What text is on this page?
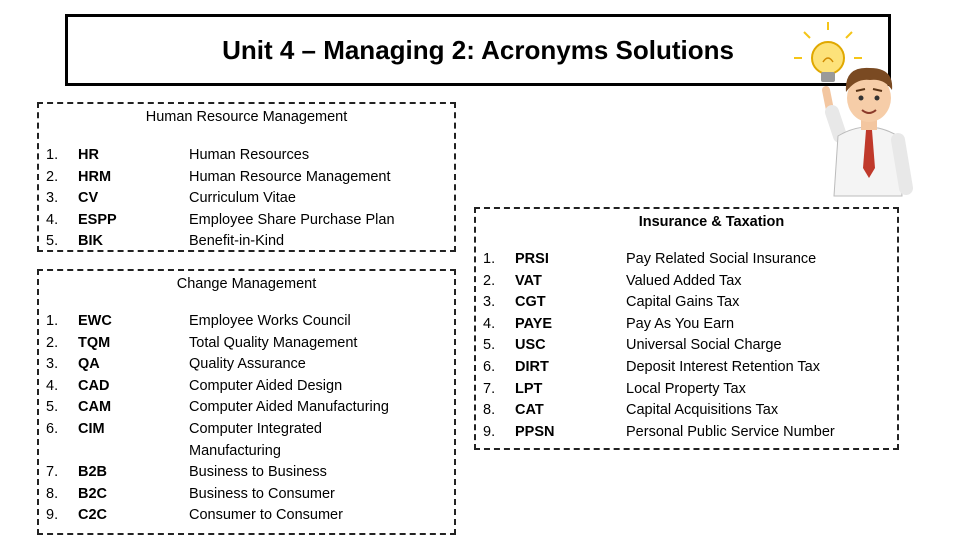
Unit 4 – Managing 2: Acronyms Solutions
Human Resource Management
1. HR
2. HRM
3. CV
4. ESPP
5. BIK
Human Resources
Human Resource Management
Curriculum Vitae
Employee Share Purchase Plan
Benefit-in-Kind
Change Management
1. EWC
2. TQM
3. QA
4. CAD
5. CAM
6. CIM
7. B2B
8. B2C
9. C2C
Employee Works Council
Total Quality Management
Quality Assurance
Computer Aided Design
Computer Aided Manufacturing
Computer Integrated
Manufacturing
Business to Business
Business to Consumer
Consumer to Consumer
Insurance & Taxation
1. PRSI
2. VAT
3. CGT
4. PAYE
5. USC
6. DIRT
7. LPT
8. CAT
9. PPSN
Pay Related Social Insurance
Valued Added Tax
Capital Gains Tax
Pay As You Earn
Universal Social Charge
Deposit Interest Retention Tax
Local Property Tax
Capital Acquisitions Tax
Personal Public Service Number
